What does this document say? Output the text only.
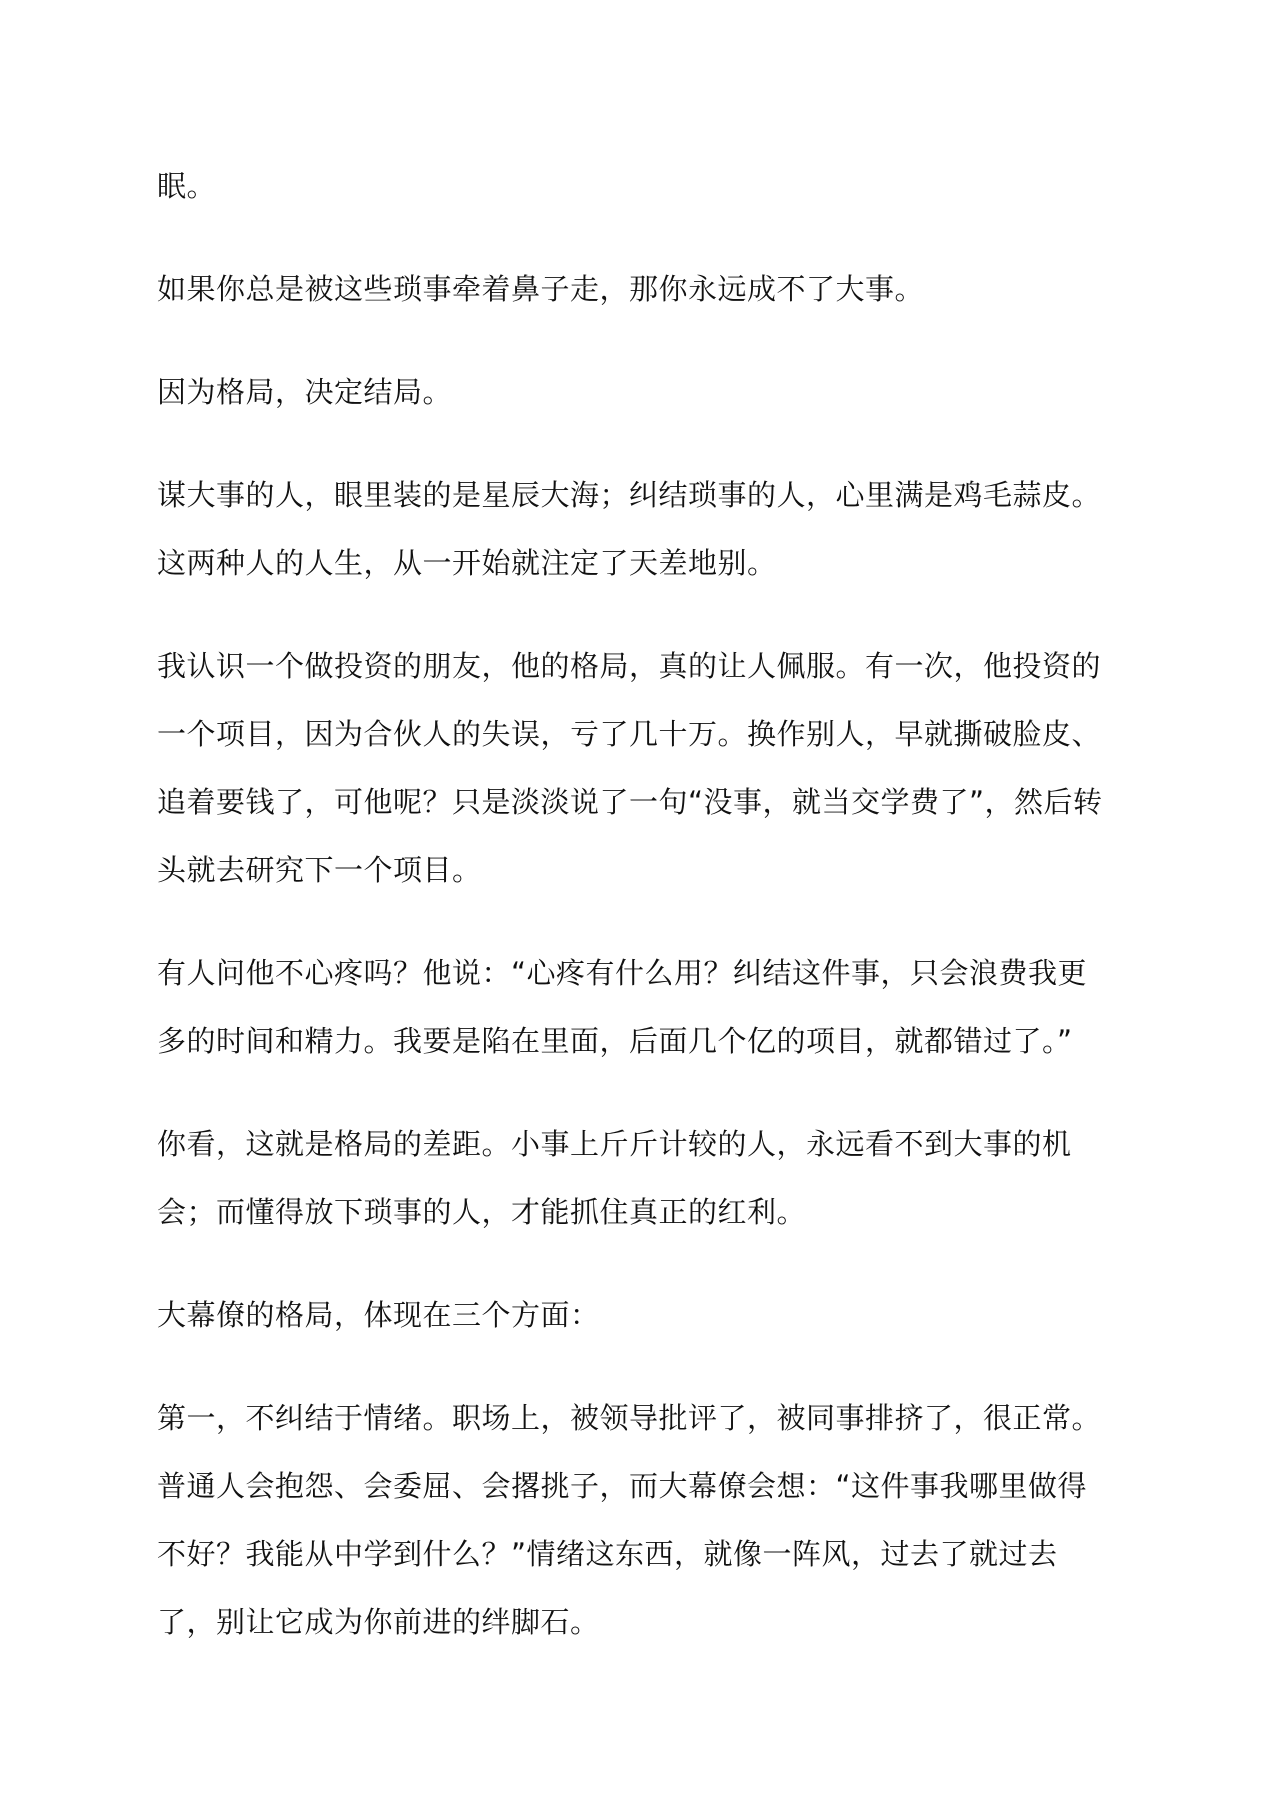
眠。

如果你总是被这些琐事牵着鼻子走，那你永远成不了大事。

因为格局，决定结局。

谋大事的人，眼里装的是星辰大海；纠结琐事的人，心里满是鸡毛蒜皮。
这两种人的人生，从一开始就注定了天差地别。

我认识一个做投资的朋友，他的格局，真的让人佩服。有一次，他投资的
一个项目，因为合伙人的失误，亏了几十万。换作别人，早就撕破脸皮、
追着要钱了，可他呢？只是淡淡说了一句“没事，就当交学费了”，然后转
头就去研究下一个项目。

有人问他不心疼吗？他说：“心疼有什么用？纠结这件事，只会浪费我更
多的时间和精力。我要是陷在里面，后面几个亿的项目，就都错过了。”

你看，这就是格局的差距。小事上斤斤计较的人，永远看不到大事的机
会；而懂得放下琐事的人，才能抓住真正的红利。

大幕僚的格局，体现在三个方面：

第一，不纠结于情绪。职场上，被领导批评了，被同事排挤了，很正常。
普通人会抱怨、会委屈、会撂挑子，而大幕僚会想：“这件事我哪里做得
不好？我能从中学到什么？”情绪这东西，就像一阵风，过去了就过去
了，别让它成为你前进的绊脚石。
